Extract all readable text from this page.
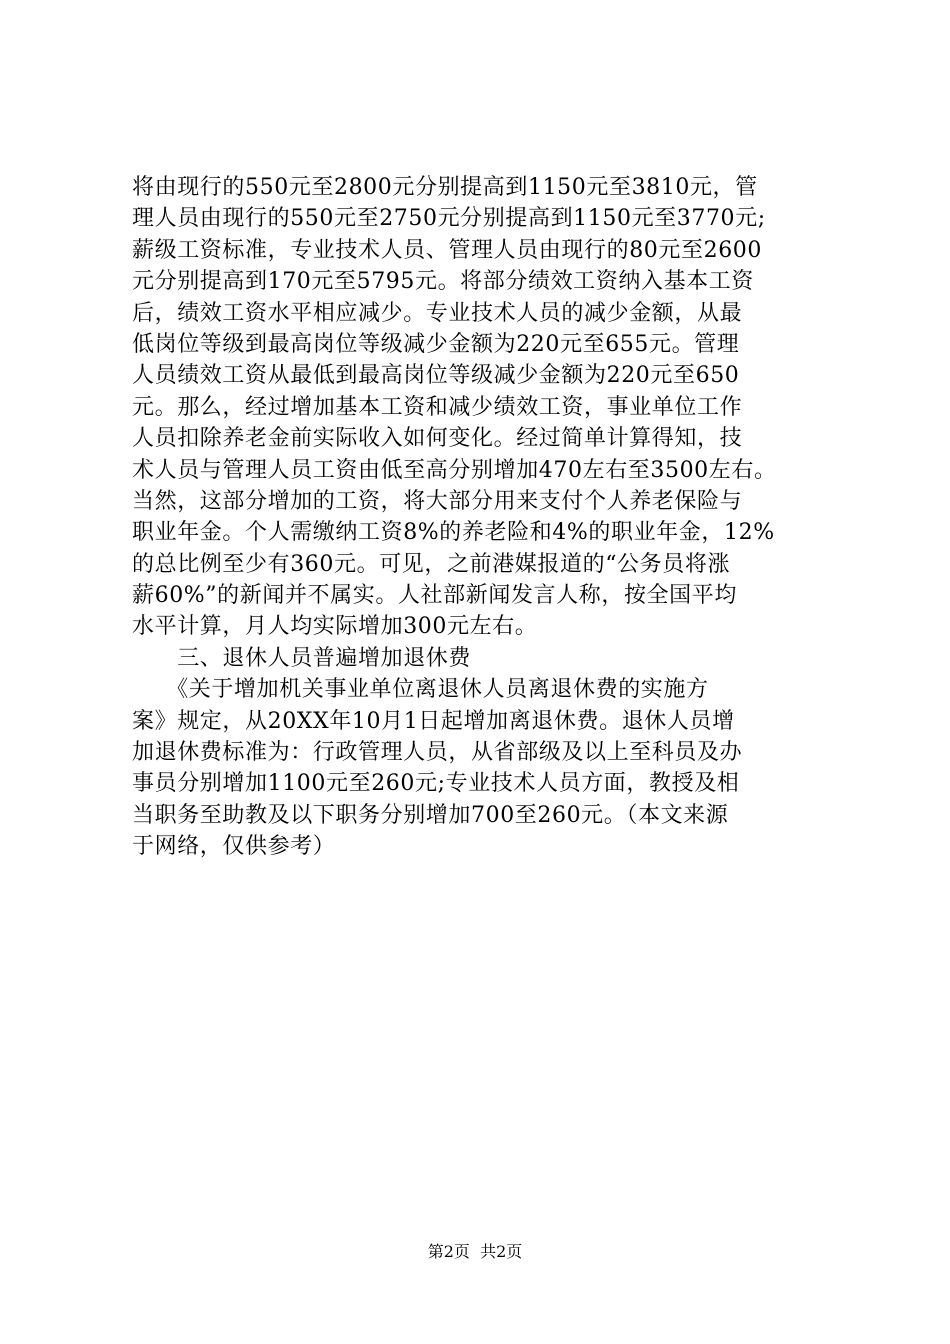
将由现行的550元至2800元分别提高到1150元至3810元，管
理人员由现行的550元至2750元分别提高到1150元至3770元;
薪级工资标准，专业技术人员、管理人员由现行的80元至2600
元分别提高到170元至5795元。将部分绩效工资纳入基本工资
后，绩效工资水平相应减少。专业技术人员的减少金额，从最
低岗位等级到最高岗位等级减少金额为220元至655元。管理
人员绩效工资从最低到最高岗位等级减少金额为220元至650
元。那么，经过增加基本工资和减少绩效工资，事业单位工作
人员扣除养老金前实际收入如何变化。经过简单计算得知，技
术人员与管理人员工资由低至高分别增加470左右至3500左右。
当然，这部分增加的工资，将大部分用来支付个人养老保险与
职业年金。个人需缴纳工资8%的养老险和4%的职业年金，12%
的总比例至少有360元。可见，之前港媒报道的“公务员将涨
薪60%”的新闻并不属实。人社部新闻发言人称，按全国平均
水平计算，月人均实际增加300元左右。
　　三、退休人员普遍增加退休费
　　《关于增加机关事业单位离退休人员离退休费的实施方
案》规定，从20XX年10月1日起增加离退休费。退休人员增
加退休费标准为：行政管理人员，从省部级及以上至科员及办
事员分别增加1100元至260元;专业技术人员方面，教授及相
当职务至助教及以下职务分别增加700至260元。（本文来源
于网络，仅供参考）
第2页  共2页
